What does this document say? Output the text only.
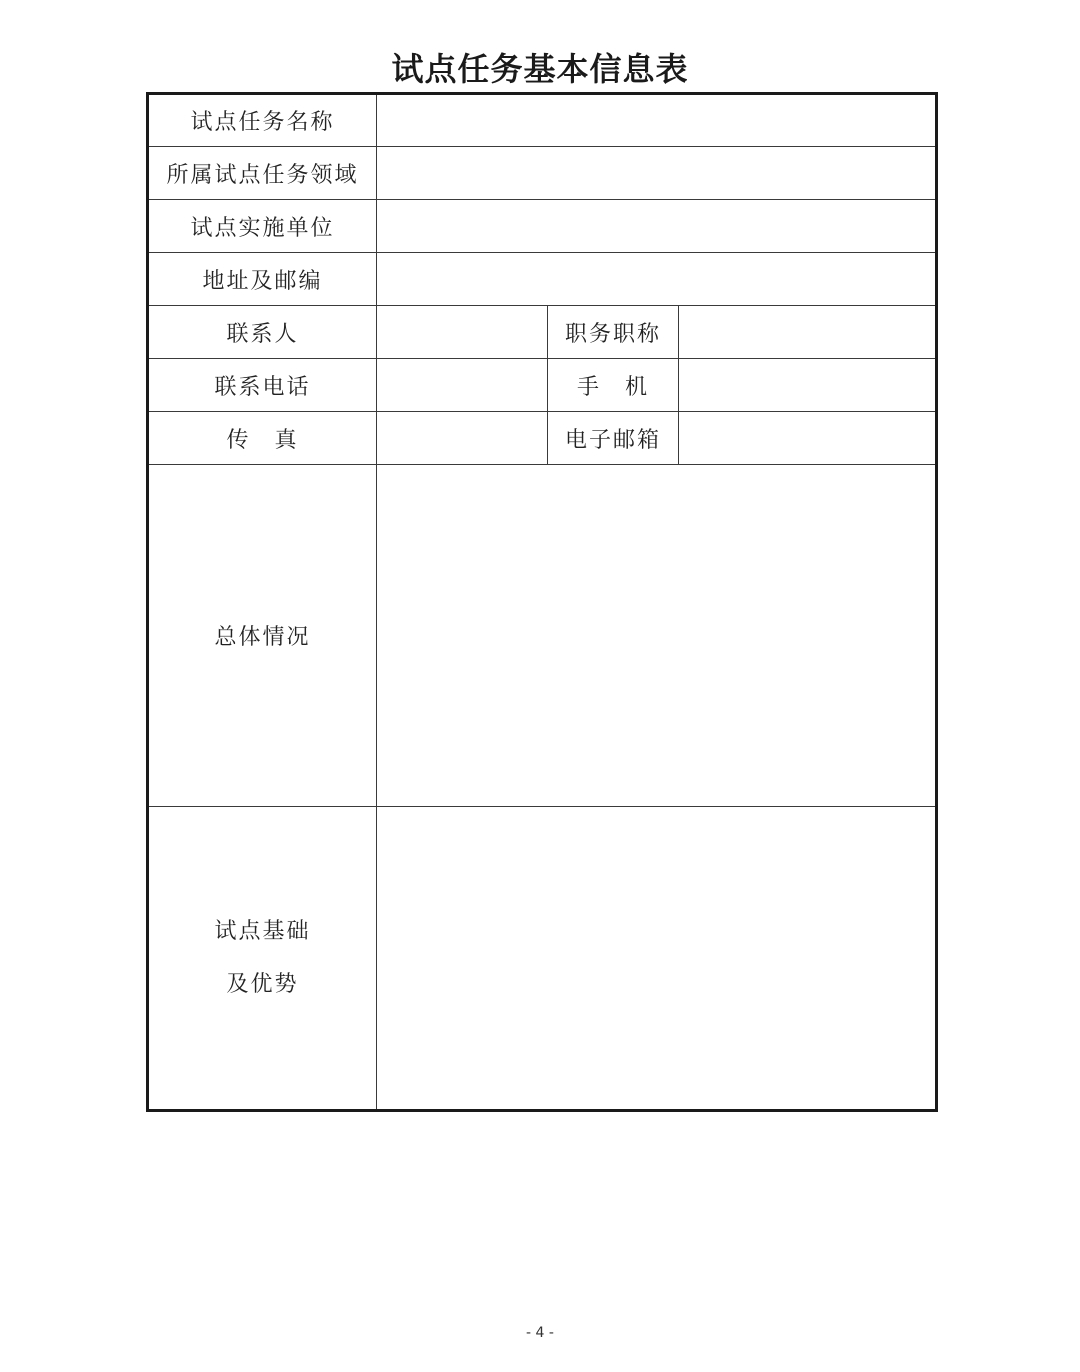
试点任务基本信息表
试点任务名称			
所属试点任务领域			
试点实施单位			
地址及邮编			
联系人		职务职称	
联系电话		手　机	
传　真		电子邮箱	
总体情况			

试点基础
及优势			

- 4 -
